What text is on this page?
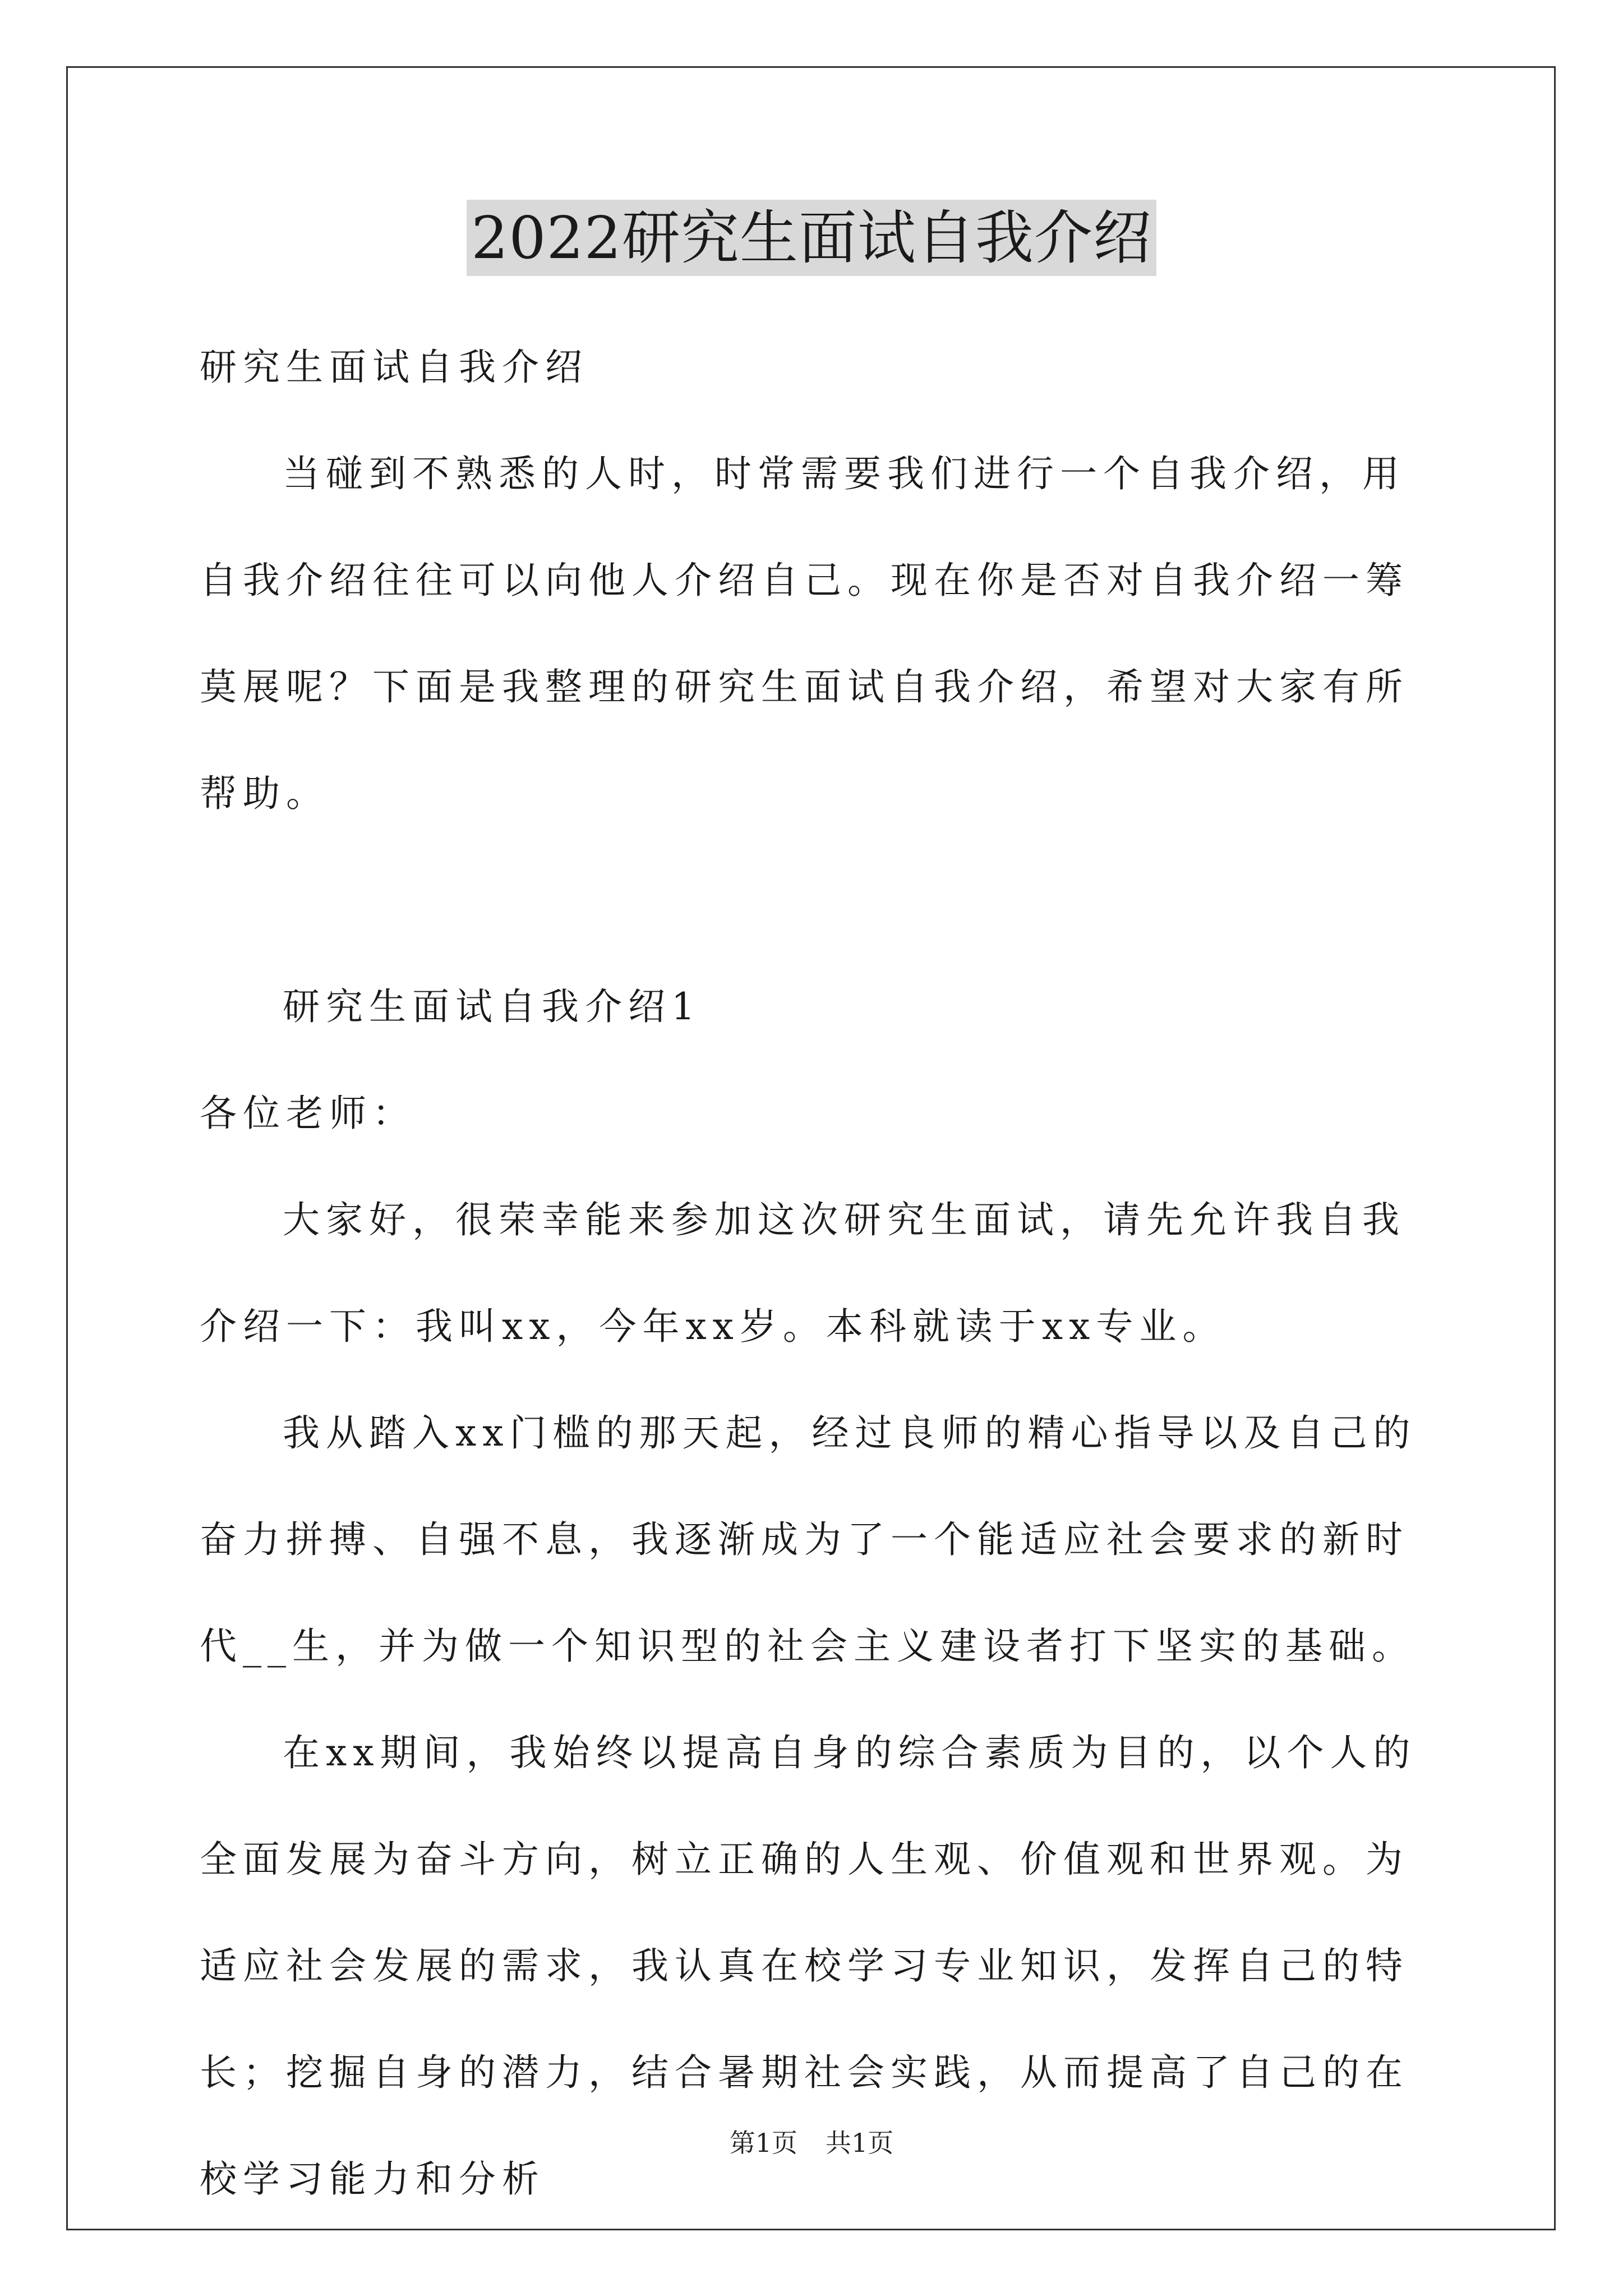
2022研究生面试自我介绍

研究生面试自我介绍

当碰到不熟悉的人时，时常需要我们进行一个自我介绍，用自我介绍往往可以向他人介绍自己。现在你是否对自我介绍一筹莫展呢？下面是我整理的研究生面试自我介绍，希望对大家有所帮助。

研究生面试自我介绍1

各位老师：

大家好，很荣幸能来参加这次研究生面试，请先允许我自我介绍一下：我叫xx，今年xx岁。本科就读于xx专业。

我从踏入xx门槛的那天起，经过良师的精心指导以及自己的奋力拼搏、自强不息，我逐渐成为了一个能适应社会要求的新时代__生，并为做一个知识型的社会主义建设者打下坚实的基础。

在xx期间，我始终以提高自身的综合素质为目的，以个人的全面发展为奋斗方向，树立正确的人生观、价值观和世界观。为适应社会发展的需求，我认真在校学习专业知识，发挥自己的特长；挖掘自身的潜力，结合暑期社会实践，从而提高了自己的在校学习能力和分析

第1页 共1页
